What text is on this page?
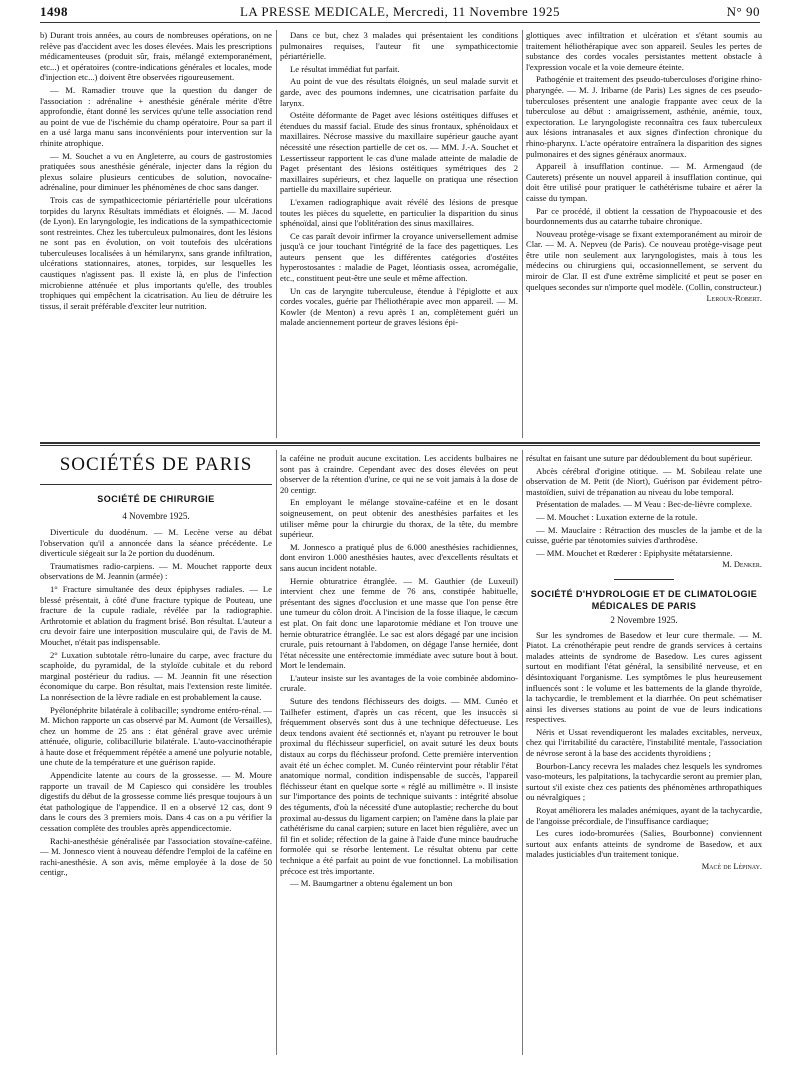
1498	LA PRESSE MEDICALE, Mercredi, 11 Novembre 1925	N° 90

b) Durant trois années, au cours de nombreuses opérations, on ne relève pas d'accident avec les doses élevées. Mais les prescriptions médicamenteuses (produit sûr, frais, mélangé extemporanément, etc...) et opératoires (contre-indications générales et locales, mode d'injection etc...) doivent être observées rigoureusement.

— M. Ramadier trouve que la question du danger de l'association : adrénaline + anesthésie générale mérite d'être approfondie, étant donné les services qu'une telle association rend au point de vue de l'ischémie du champ opératoire. Pour sa part il en a usé larga manu sans inconvénients pour intervention sur la rhinite atrophique.

— M. Souchet a vu en Angleterre, au cours de gastrostomies pratiquées sous anesthésie générale, injecter dans la région du plexus solaire plusieurs centicubes de solution, novocaïne-adrénaline, pour diminuer les phénomènes de choc sans danger.

Trois cas de sympathicectomie périartérielle pour ulcérations torpides du larynx Résultats immédiats et éloignés. — M. Jacod (de Lyon). En laryngologie, les indications de la sympathicectomie sont restreintes. Chez les tuberculeux pulmonaires, dont les lésions ne sont pas en évolution, on voit toutefois des ulcérations tuberculeuses localisées à un hémilarynx, sans grande infiltration, ulcérations stationnaires, atones, torpides, sur lesquelles les caustiques n'agissent pas. Il existe là, en plus de l'infection microbienne atténuée et plus importants qu'elle, des troubles trophiques qui empêchent la cicatrisation. Au lieu de détruire les tissus, il serait préférable d'exciter leur nutrition.

Dans ce but, chez 3 malades qui présentaient les conditions pulmonaires requises, l'auteur fit une sympathicectomie périartérielle.

Le résultat immédiat fut parfait.

Au point de vue des résultats éloignés, un seul malade survit et garde, avec des poumons indemnes, une cicatrisation parfaite du larynx.

Ostéite déformante de Paget avec lésions ostéitiques diffuses et étendues du massif facial. Etude des sinus frontaux, sphénoïdaux et maxillaires. Nécrose massive du maxillaire supérieur gauche ayant nécessité une résection partielle de cet os. — MM. J.-A. Souchet et Lessertisseur rapportent le cas d'une malade atteinte de maladie de Paget présentant des lésions ostéitiques symétriques des 2 maxillaires supérieurs, et chez laquelle on pratiqua une résection partielle du maxillaire supérieur.

L'examen radiographique avait révélé des lésions de presque toutes les pièces du squelette, en particulier la disparition du sinus sphénoïdal, ainsi que l'oblitération des sinus maxillaires.

Ce cas paraît devoir infirmer la croyance universellement admise jusqu'à ce jour touchant l'intégrité de la face des pagettiques. Les auteurs pensent que les différentes catégories d'ostéites hyperostosantes : maladie de Paget, léontiasis ossea, acromégalie, etc., constituent peut-être une seule et même affection.

Un cas de laryngite tuberculeuse, étendue à l'épiglotte et aux cordes vocales, guérie par l'héliothérapie avec mon appareil. — M. Kowler (de Menton) a revu après 1 an, complètement guéri un malade anciennement porteur de graves lésions épi-

glottiques avec infiltration et ulcération et s'étant soumis au traitement héliothérapique avec son appareil. Seules les pertes de substance des cordes vocales persistantes mettent obstacle à l'expression vocale et la voie demeure éteinte.

Pathogénie et traitement des pseudo-tuberculoses d'origine rhino-pharyngée. — M. J. Iribarne (de Paris) Les signes de ces pseudo-tuberculoses présentent une analogie frappante avec ceux de la tuberculose au début : amaigrissement, asthénie, anémie, toux, expectoration. Le laryngologiste reconnaîtra ces faux tuberculeux aux lésions intranasales et aux signes d'infection chronique du rhino-pharynx. L'acte opératoire entraînera la disparition des signes pulmonaires et des signes généraux anormaux.

Appareil à insufflation continue. — M. Armengaud (de Cauterets) présente un nouvel appareil à insufflation continue, qui doit être utilisé pour pratiquer le cathétérisme tubaire et aérer la caisse du tympan.

Par ce procédé, il obtient la cessation de l'hypoacousie et des bourdonnements dus au catarrhe tubaire chronique.

Nouveau protège-visage se fixant extemporanément au miroir de Clar. — M. A. Nepveu (de Paris). Ce nouveau protège-visage peut être utile non seulement aux laryngologistes, mais à tous les médecins ou chirurgiens qui, occasionnellement, se servent du miroir de Clar. Il est d'une extrême simplicité et peut se poser en quelques secondes sur n'importe quel modèle. (Collin, constructeur.)

Leroux-Robert.
SOCIÉTÉS DE PARIS
SOCIÉTÉ DE CHIRURGIE
4 Novembre 1925.

Diverticule du duodénum. — M. Lecène verse au débat l'observation qu'il a annoncée dans la séance précédente. Le diverticule siégeait sur la 2e portion du duodénum.

Traumatismes radio-carpiens. — M. Mouchet rapporte deux observations de M. Jeannin (armée) :

1° Fracture simultanée des deux épiphyses radiales. — Le blessé présentait, à côté d'une fracture typique de Pouteau, une fracture de la cupule radiale, révélée par la radiographie. Arthrotomie et ablation du fragment brisé. Bon résultat. L'auteur a cru devoir faire une interposition musculaire qui, de l'avis de M. Mouchet, n'était pas indispensable.

2° Luxation subtotale rétro-lunaire du carpe, avec fracture du scaphoïde, du pyramidal, de la styloïde cubitale et du rebord marginal postérieur du radius. — M. Jeannin fit une résection économique du carpe. Bon résultat, mais l'extension reste limitée. La nonrésection de la lèvre radiale en est probablement la cause.

Pyélonéphrite bilatérale à colibacille; syndrome entéro-rénal. — M. Michon rapporte un cas observé par M. Aumont (de Versailles), chez un homme de 25 ans : état général grave avec urémie atténuée, oligurie, colibacillurie bilatérale. L'auto-vaccinothérapie à haute dose et fréquemment répétée a amené une polyurie notable, une chute de la température et une guérison rapide.

Appendicite latente au cours de la grossesse. — M. Moure rapporte un travail de M Capiesco qui considère les troubles digestifs du début de la grossesse comme liés presque toujours à un état pathologique de l'appendice. Il en a observé 12 cas, dont 9 dans le cours des 3 premiers mois. Dans 4 cas on a pu vérifier la cessation complète des troubles après appendicectomie.

Rachi-anesthésie généralisée par l'association stovaïne-caféine. — M. Jonnesco vient à nouveau défendre l'emploi de la caféine en rachi-anesthésie. A son avis, même employée à la dose de 50 centigr.,

la caféine ne produit aucune excitation. Les accidents bulbaires ne sont pas à craindre. Cependant avec des doses élevées on peut observer de la rétention d'urine, ce qui ne se voit jamais à la dose de 20 centigr.

En employant le mélange stovaïne-caféine et en le dosant soigneusement, on peut obtenir des anesthésies parfaites et les utiliser même pour la chirurgie du thorax, de la tête, du membre supérieur.

M. Jonnesco a pratiqué plus de 6.000 anesthésies rachidiennes, dont environ 1.000 anesthésies hautes, avec d'excellents résultats et sans aucun incident notable.

Hernie obturatrice étranglée. — M. Gauthier (de Luxeuil) intervient chez une femme de 76 ans, constipée habituelle, présentant des signes d'occlusion et une masse que l'on pense être une tumeur du côlon droit. A l'incision de la fosse iliaque, le cæcum est plat. On fait donc une laparotomie médiane et l'on trouve une hernie obturatrice étranglée. Le sac est alors dégagé par une incision crurale, puis retournant à l'abdomen, on dégage l'anse herniée, dont l'état nécessite une entérectomie immédiate avec suture bout à bout. Mort le lendemain.

L'auteur insiste sur les avantages de la voie combinée abdomino-crurale.

Suture des tendons fléchisseurs des doigts. — MM. Cunéo et Tailhefer estiment, d'après un cas récent, que les insuccès si fréquemment observés sont dus à une technique défectueuse. Les deux tendons avaient été sectionnés et, n'ayant pu retrouver le bout proximal du fléchisseur superficiel, on avait suturé les deux bouts distaux au corps du fléchisseur profond. Cette première intervention avait été un échec complet. M. Cunéo réintervint pour rétablir l'état anatomique normal, condition indispensable de succès, l'appareil fléchisseur étant en quelque sorte « réglé au millimètre ». Il insiste sur l'importance des points de technique suivants : intégrité absolue des téguments, d'où la nécessité d'une autoplastie; recherche du bout proximal au-dessus du ligament carpien; on l'amène dans la plaie par cathétérisme du canal carpien; suture en lacet bien régulière, avec un fil fin et solide; réfection de la gaine à l'aide d'une mince baudruche formolée qui se résorbe lentement. Le résultat obtenu par cette technique a été parfait au point de vue fonctionnel. La mobilisation précoce est très importante.

— M. Baumgartner a obtenu également un bon

résultat en faisant une suture par dédoublement du bout supérieur.

Abcès cérébral d'origine otitique. — M. Sobileau relate une observation de M. Petit (de Niort), Guérison par évidement pétro-mastoïdien, suivi de trépanation au niveau du lobe temporal.

Présentation de malades. — M Veau : Bec-de-lièvre complexe.

— M. Mouchet : Luxation externe de la rotule.

— M. Mauclaire : Rétraction des muscles de la jambe et de la cuisse, guérie par ténotomies suivies d'arthrodèse.

— MM. Mouchet et Rœderer : Epiphysite métatarsienne.

M. Denker.
SOCIÉTÉ D'HYDROLOGIE ET DE CLIMATOLOGIE MÉDICALES DE PARIS
2 Novembre 1925.

Sur les syndromes de Basedow et leur cure thermale. — M. Piatot. La crénothérapie peut rendre de grands services à certains malades atteints de syndrome de Basedow. Les cures agissent surtout en modifiant l'état général, la sensibilité nerveuse, et en désintoxiquant l'organisme. Les symptômes le plus heureusement influencés sont : le volume et les battements de la glande thyroïde, la tachycardie, le tremblement et la diarrhée. On peut schématiser ainsi les diverses stations au point de vue de leurs indications respectives.

Néris et Ussat revendiqueront les malades excitables, nerveux, chez qui l'irritabilité du caractère, l'instabilité mentale, l'association de névrose seront à la base des accidents thyroïdiens ;

Bourbon-Lancy recevra les malades chez lesquels les syndromes vaso-moteurs, les palpitations, la tachycardie seront au premier plan, surtout s'il existe chez ces patients des phénomènes arthropathiques ou névralgiques ;

Royat améliorera les malades anémiques, ayant de la tachycardie, de l'angoisse précordiale, de l'insuffisance cardiaque;

Les cures iodo-bromurées (Salies, Bourbonne) conviennent surtout aux enfants atteints de syndrome de Basedow, et aux malades justiciables d'un traitement tonique.

Macé de Lépinay.
